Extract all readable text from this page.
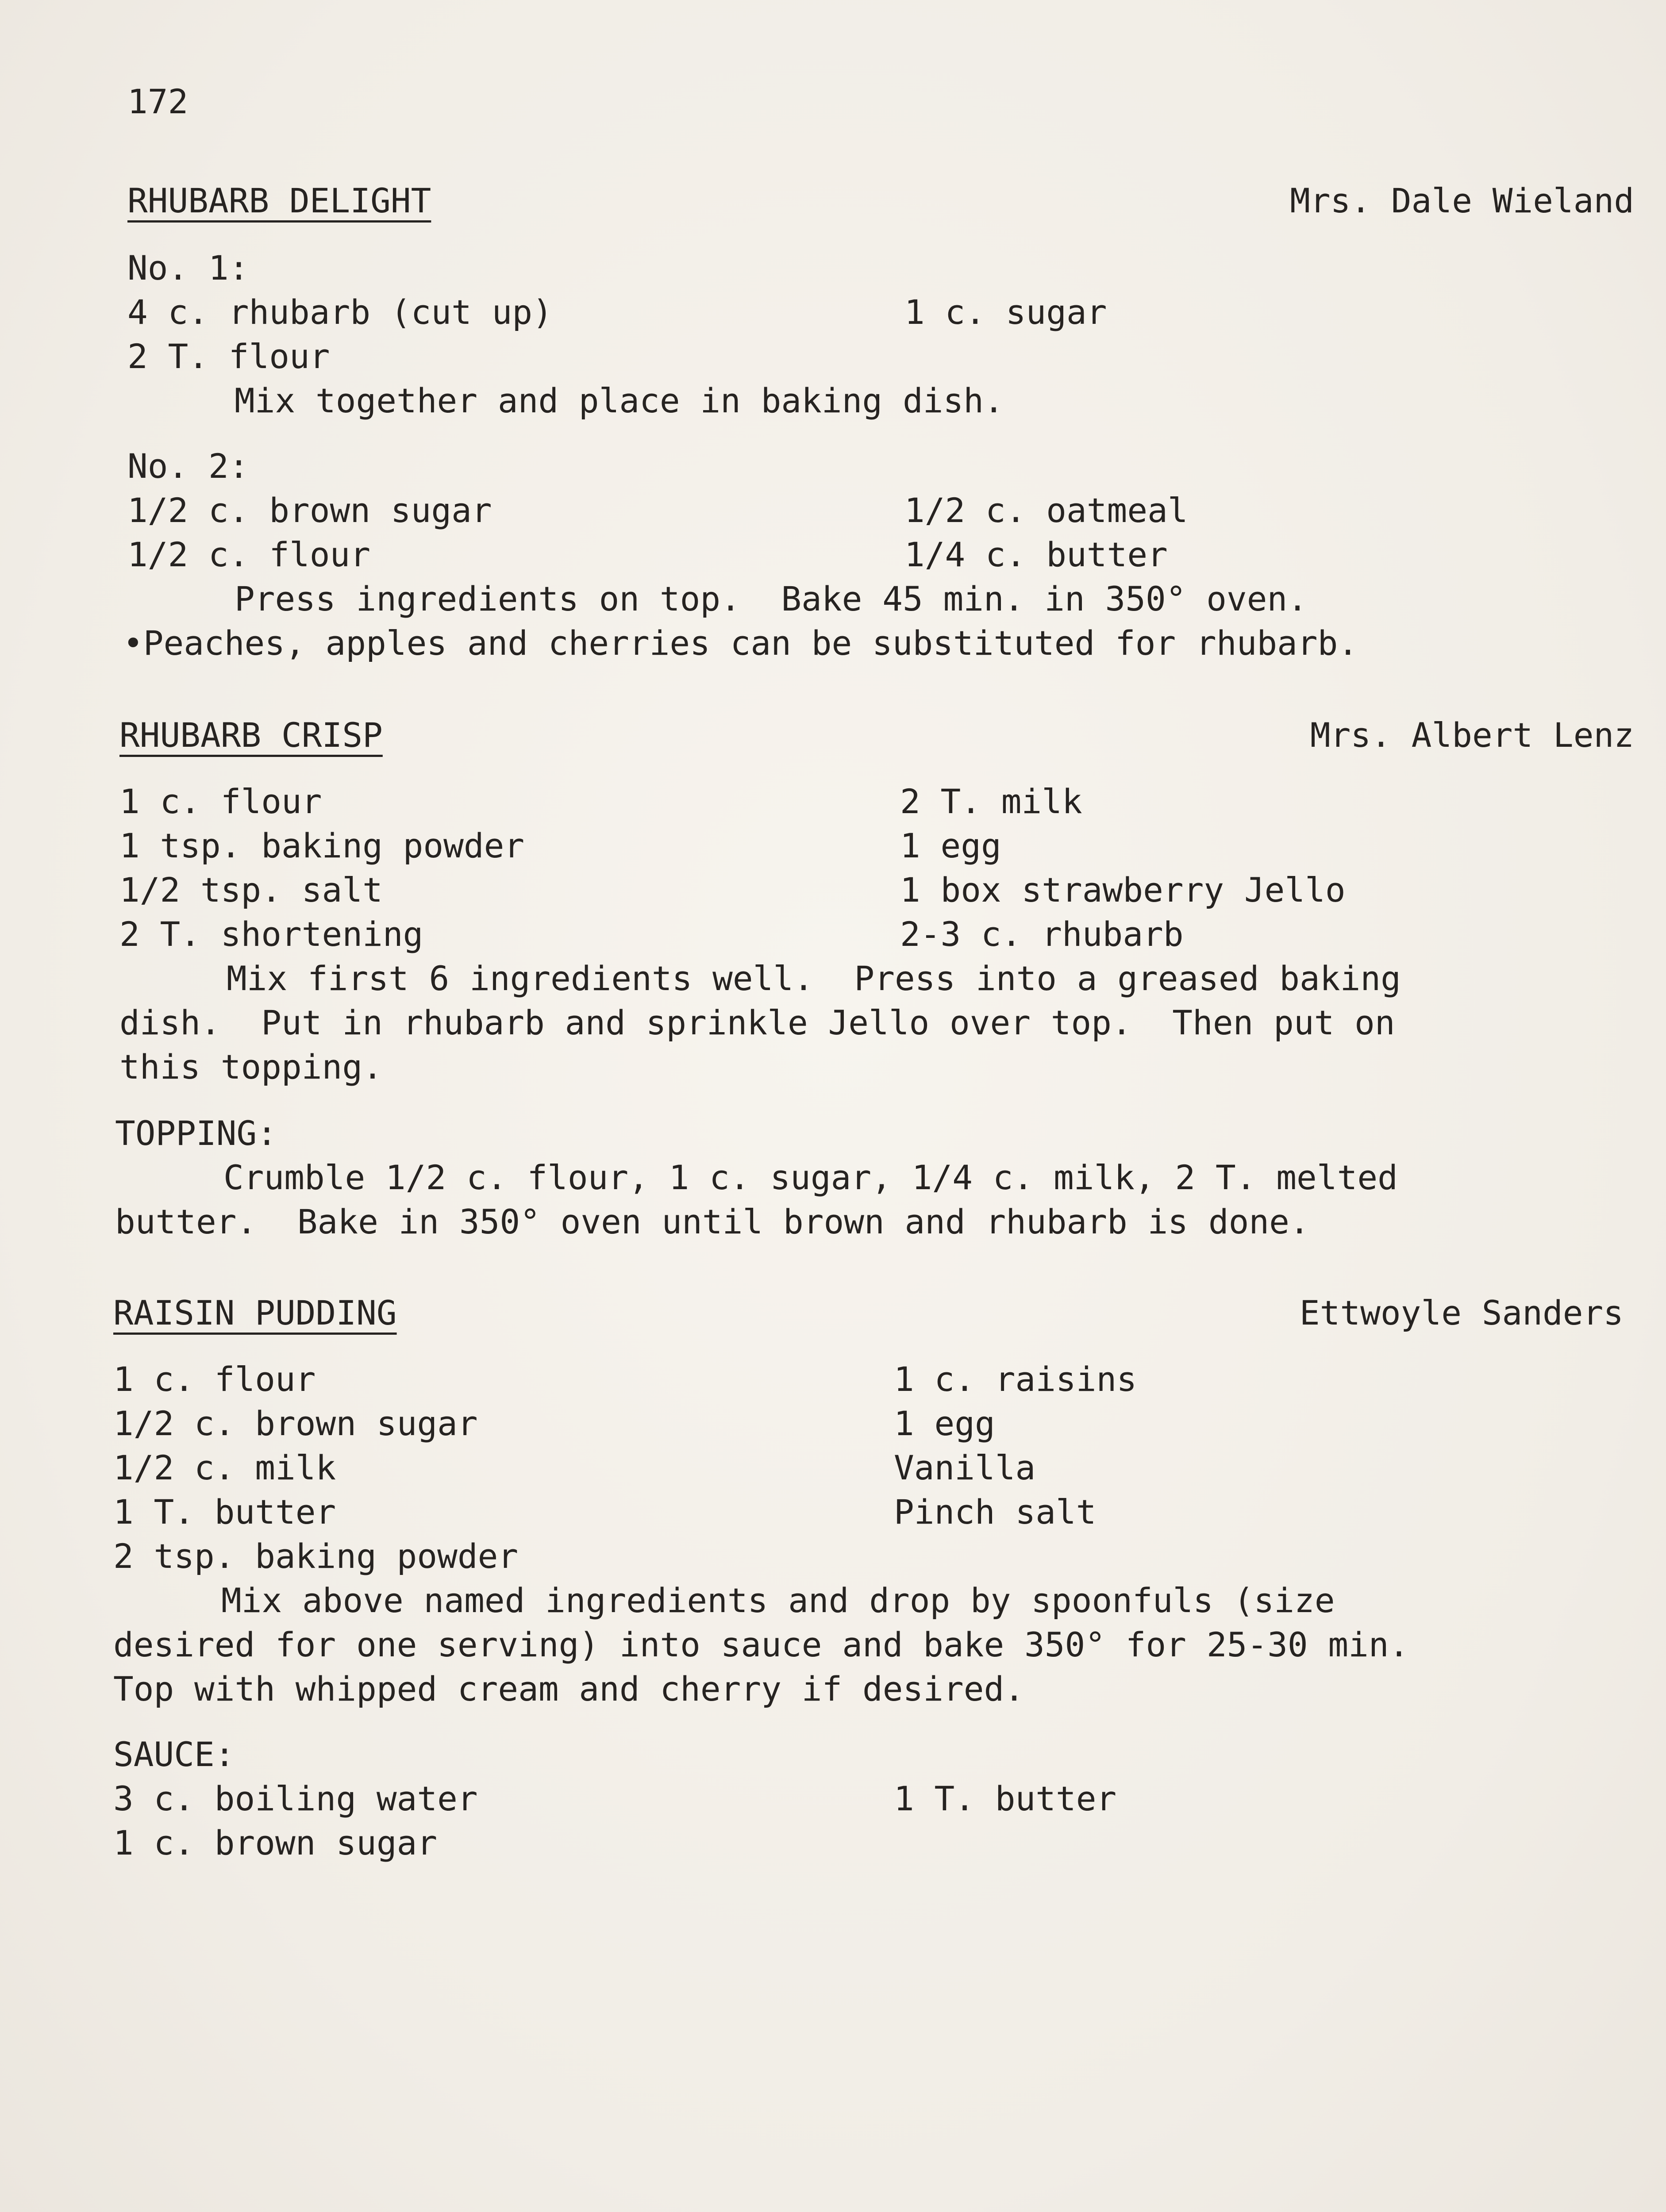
172
RHUBARB DELIGHT	Mrs. Dale Wieland
No. 1:
4 c. rhubarb (cut up)	1 c. sugar
2 T. flour
Mix together and place in baking dish.
No. 2:
1/2 c. brown sugar	1/2 c. oatmeal
1/2 c. flour	1/4 c. butter
Press ingredients on top.  Bake 45 min. in 350° oven.
•Peaches, apples and cherries can be substituted for rhubarb.
RHUBARB CRISP	Mrs. Albert Lenz
1 c. flour	2 T. milk
1 tsp. baking powder	1 egg
1/2 tsp. salt	1 box strawberry Jello
2 T. shortening	2-3 c. rhubarb
Mix first 6 ingredients well.  Press into a greased baking
dish.  Put in rhubarb and sprinkle Jello over top.  Then put on
this topping.
TOPPING:
Crumble 1/2 c. flour, 1 c. sugar, 1/4 c. milk, 2 T. melted
butter.  Bake in 350° oven until brown and rhubarb is done.
RAISIN PUDDING	Ettwoyle Sanders
1 c. flour	1 c. raisins
1/2 c. brown sugar	1 egg
1/2 c. milk	Vanilla
1 T. butter	Pinch salt
2 tsp. baking powder
Mix above named ingredients and drop by spoonfuls (size
desired for one serving) into sauce and bake 350° for 25-30 min.
Top with whipped cream and cherry if desired.
SAUCE:
3 c. boiling water	1 T. butter
1 c. brown sugar
